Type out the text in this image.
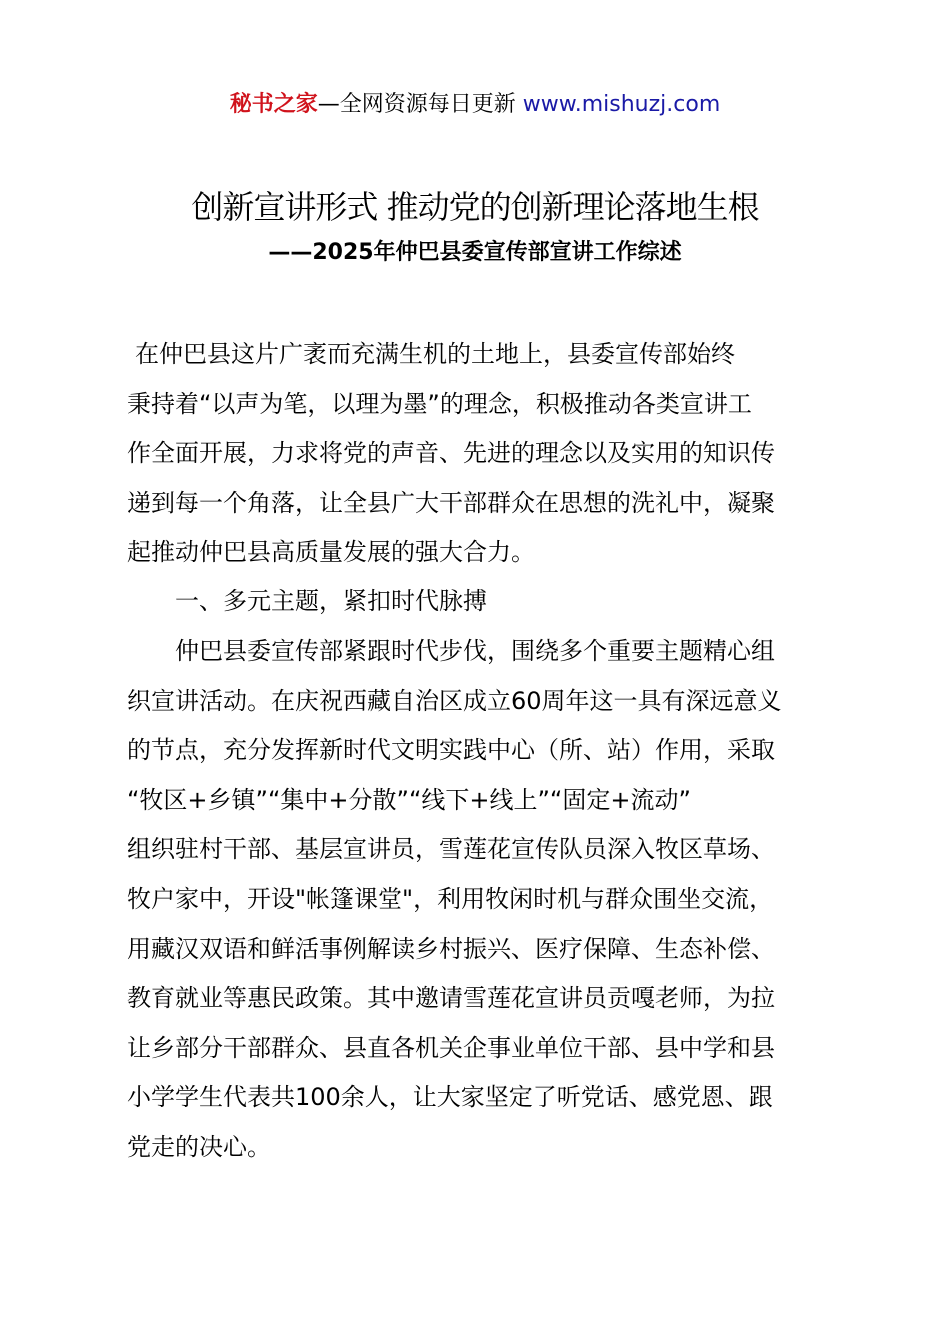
秘书之家—全网资源每日更新 www.mishuzj.com
创新宣讲形式 推动党的创新理论落地生根
——2025年仲巴县委宣传部宣讲工作综述
在仲巴县这片广袤而充满生机的土地上，县委宣传部始终
秉持着“以声为笔，以理为墨”的理念，积极推动各类宣讲工
作全面开展，力求将党的声音、先进的理念以及实用的知识传
递到每一个角落，让全县广大干部群众在思想的洗礼中，凝聚
起推动仲巴县高质量发展的强大合力。
一、多元主题，紧扣时代脉搏
仲巴县委宣传部紧跟时代步伐，围绕多个重要主题精心组
织宣讲活动。在庆祝西藏自治区成立60周年这一具有深远意义
的节点，充分发挥新时代文明实践中心（所、站）作用，采取
“牧区+乡镇”“集中+分散”“线下+线上”“固定+流动”
组织驻村干部、基层宣讲员，雪莲花宣传队员深入牧区草场、
牧户家中，开设"帐篷课堂"，利用牧闲时机与群众围坐交流，
用藏汉双语和鲜活事例解读乡村振兴、医疗保障、生态补偿、
教育就业等惠民政策。其中邀请雪莲花宣讲员贡嘎老师，为拉
让乡部分干部群众、县直各机关企事业单位干部、县中学和县
小学学生代表共100余人，让大家坚定了听党话、感党恩、跟
党走的决心。
